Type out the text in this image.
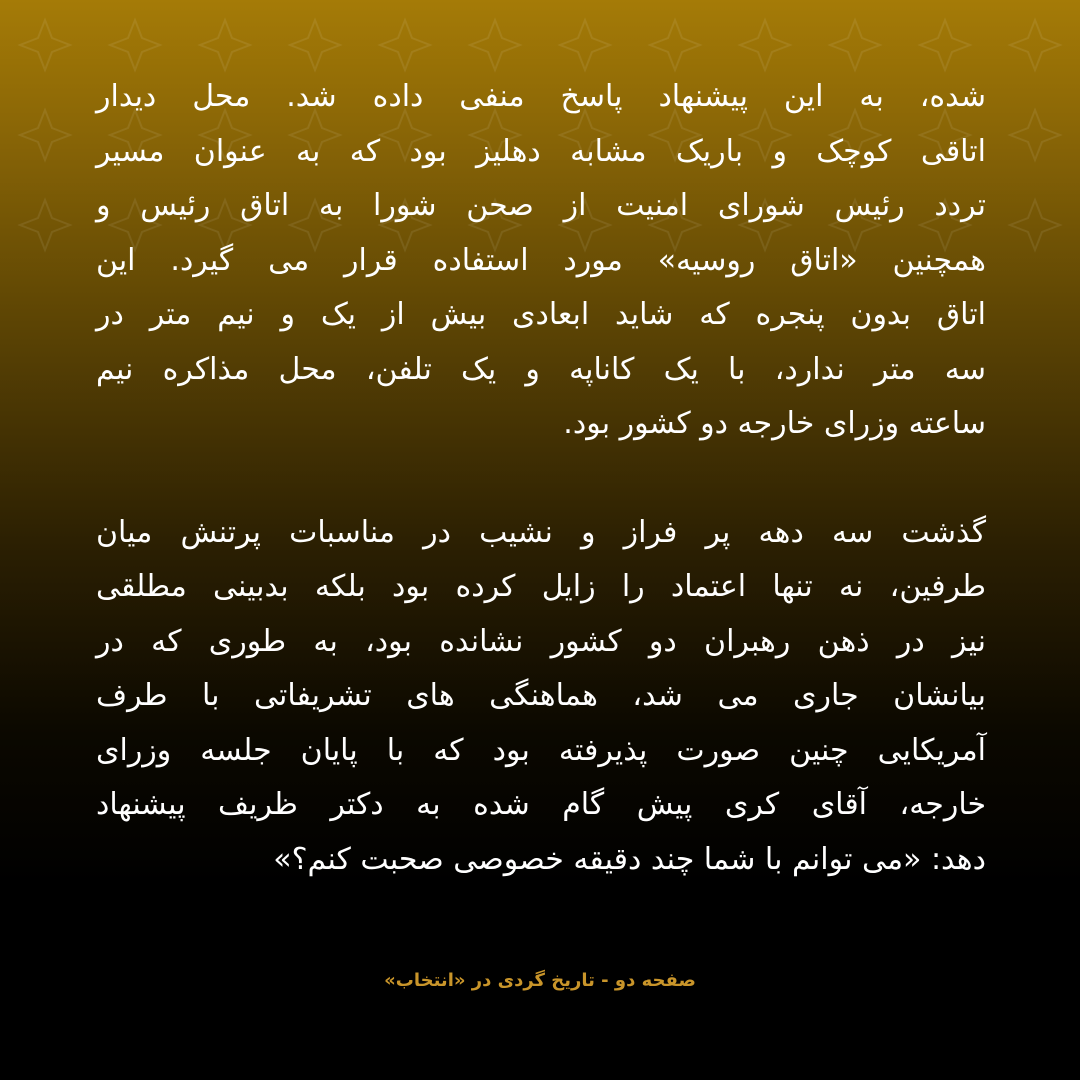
شده، به این پیشنهاد پاسخ منفی داده شد. محل دیدار
اتاقی کوچک و باریک مشابه دهلیز بود که به عنوان مسیر
تردد رئیس شورای امنیت از صحن شورا به اتاق رئیس و
همچنین «اتاق روسیه» مورد استفاده قرار می گیرد. این
اتاق بدون پنجره که شاید ابعادی بیش از یک و نیم متر در
سه متر ندارد، با یک کاناپه و یک تلفن، محل مذاکره نیم
ساعته وزرای خارجه دو کشور بود.

گذشت سه دهه پر فراز و نشیب در مناسبات پرتنش میان
طرفین، نه تنها اعتماد را زایل کرده بود بلکه بدبینی مطلقی
نیز در ذهن رهبران دو کشور نشانده بود، به طوری که در
بیانشان جاری می شد، هماهنگی های تشریفاتی با طرف
آمریکایی چنین صورت پذیرفته بود که با پایان جلسه وزرای
خارجه، آقای کری پیش گام شده به دکتر ظریف پیشنهاد
دهد: «می توانم با شما چند دقیقه خصوصی صحبت کنم؟»

صفحه دو - تاریخ گردی در «انتخاب»
